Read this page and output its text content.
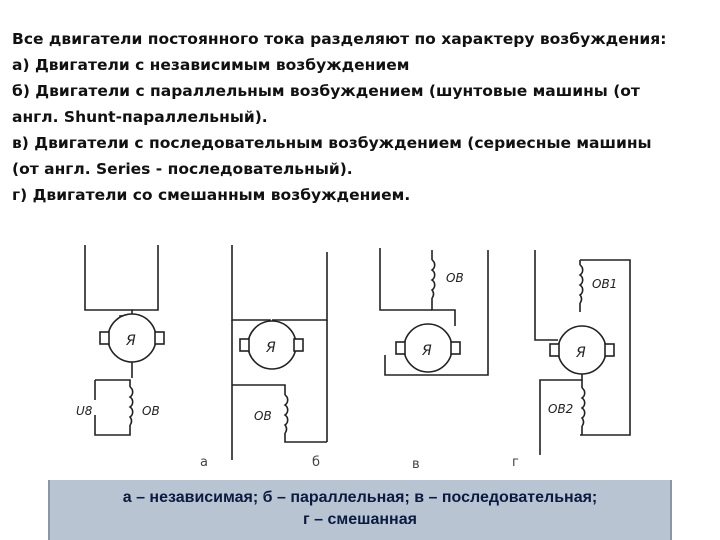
Все двигатели постоянного тока разделяют по характеру возбуждения:

а) Двигатели с независимым возбуждением

б) Двигатели с параллельным возбуждением (шунтовые машины (от

англ. Shunt-параллельный).

в) Двигатели с последовательным возбуждением (сериесные машины

(от англ. Series - последовательный).

г) Двигатели со смешанным возбуждением.

Я
U8	ОВ
Я
ОВ
Я
ОВ
Я
ОВ1
ОВ2
а	б	в	г

а – независимая; б – параллельная; в – последовательная;

г – смешанная
